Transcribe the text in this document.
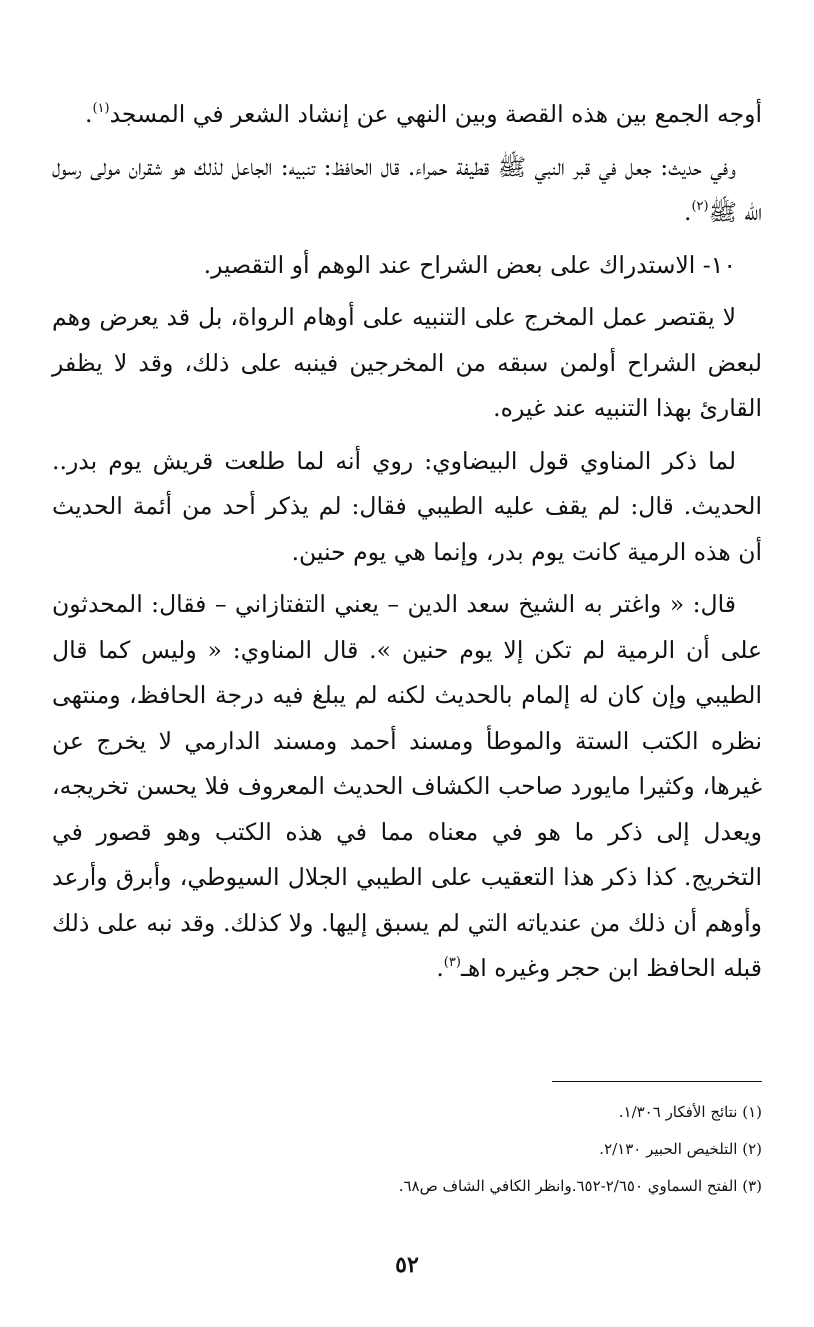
أوجه الجمع بين هذه القصة وبين النهي عن إنشاد الشعر في المسجد$^{(١)}$.

وفي حديث: جعل في قبر النبي ﷺ قطيفة حمراء. قال الحافظ: تنبيه: الجاعل لذلك هو شقران مولى رسول الله ﷺ$^{(٢)}$.

١٠- الاستدراك على بعض الشراح عند الوهم أو التقصير.

لا يقتصر عمل المخرج على التنبيه على أوهام الرواة، بل قد يعرض وهم لبعض الشراح أولمن سبقه من المخرجين فينبه على ذلك، وقد لا يظفر القارئ بهذا التنبيه عند غيره.

لما ذكر المناوي قول البيضاوي: روي أنه لما طلعت قريش يوم بدر.. الحديث. قال: لم يقف عليه الطيبي فقال: لم يذكر أحد من أئمة الحديث أن هذه الرمية كانت يوم بدر، وإنما هي يوم حنين.

قال: « واغتر به الشيخ سعد الدين – يعني التفتازاني – فقال: المحدثون على أن الرمية لم تكن إلا يوم حنين ». قال المناوي: « وليس كما قال الطيبي وإن كان له إلمام بالحديث لكنه لم يبلغ فيه درجة الحافظ، ومنتهى نظره الكتب الستة والموطأ ومسند أحمد ومسند الدارمي لا يخرج عن غيرها، وكثيرا مايورد صاحب الكشاف الحديث المعروف فلا يحسن تخريجه، ويعدل إلى ذكر ما هو في معناه مما في هذه الكتب وهو قصور في التخريج. كذا ذكر هذا التعقيب على الطيبي الجلال السيوطي، وأبرق وأرعد وأوهم أن ذلك من عندياته التي لم يسبق إليها. ولا كذلك. وقد نبه على ذلك قبله الحافظ ابن حجر وغيره اهـ$^{(٣)}$.

(١) نتائج الأفكار ١/٣٠٦.
(٢) التلخيص الحبير ٢/١٣٠.
(٣) الفتح السماوي ٢/٦٥٠-٦٥٢.وانظر الكافي الشاف ص٦٨.
٥٢
